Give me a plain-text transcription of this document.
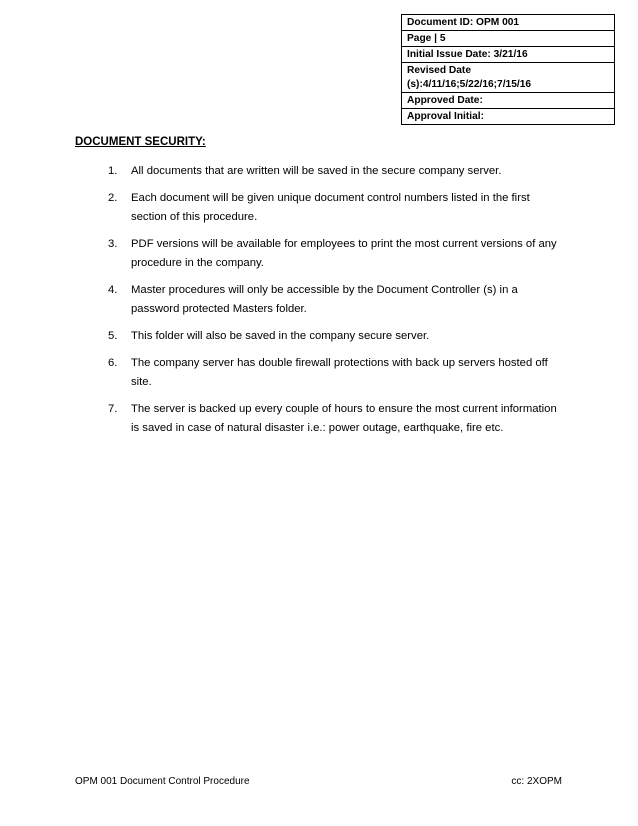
Document ID: OPM 001
Page | 5
Initial Issue Date: 3/21/16
Revised Date
(s):4/11/16;5/22/16;7/15/16
Approved Date:
Approval Initial:
DOCUMENT SECURITY:
1. All documents that are written will be saved in the secure company server.
2. Each document will be given unique document control numbers listed in the first section of this procedure.
3. PDF versions will be available for employees to print the most current versions of any procedure in the company.
4. Master procedures will only be accessible by the Document Controller (s) in a password protected Masters folder.
5. This folder will also be saved in the company secure server.
6. The company server has double firewall protections with back up servers hosted off site.
7. The server is backed up every couple of hours to ensure the most current information is saved in case of natural disaster i.e.: power outage, earthquake, fire etc.
OPM 001 Document Control Procedure	cc: 2XOPM
